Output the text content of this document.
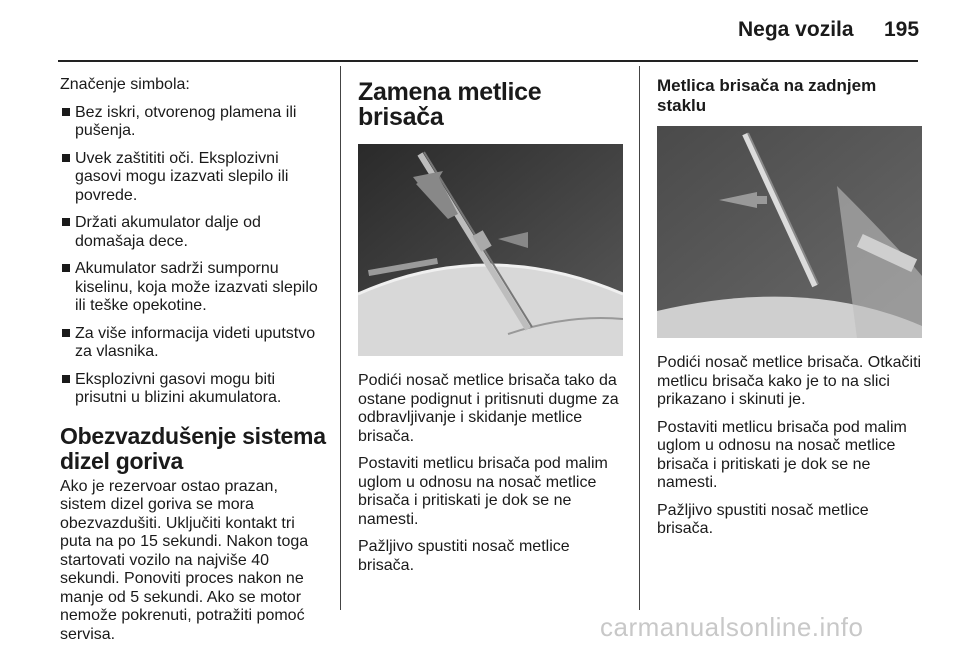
Nega vozila 195

Značenje simbola:

Bez iskri, otvorenog plamena ili pušenja.
Uvek zaštititi oči. Eksplozivni gasovi mogu izazvati slepilo ili povrede.
Držati akumulator dalje od domašaja dece.
Akumulator sadrži sumpornu kiselinu, koja može izazvati slepilo ili teške opekotine.
Za više informacija videti uputstvo za vlasnika.
Eksplozivni gasovi mogu biti prisutni u blizini akumulatora.
Obezvazdušenje sistema dizel goriva

Ako je rezervoar ostao prazan, sistem dizel goriva se mora obezvazdušiti. Uključiti kontakt tri puta na po 15 sekundi. Nakon toga startovati vozilo na najviše 40 sekundi. Ponoviti proces nakon ne manje od 5 sekundi. Ako se motor nemože pokrenuti, potražiti pomoć servisa.

Zamena metlice brisača

Podići nosač metlice brisača tako da ostane podignut i pritisnuti dugme za odbravljivanje i skidanje metlice brisača.

Postaviti metlicu brisača pod malim uglom u odnosu na nosač metlice brisača i pritiskati je dok se ne namesti.

Pažljivo spustiti nosač metlice brisača.

Metlica brisača na zadnjem staklu

Podići nosač metlice brisača. Otkačiti metlicu brisača kako je to na slici prikazano i skinuti je.

Postaviti metlicu brisača pod malim uglom u odnosu na nosač metlice brisača i pritiskati je dok se ne namesti.

Pažljivo spustiti nosač metlice brisača.

carmanualsonline.info
